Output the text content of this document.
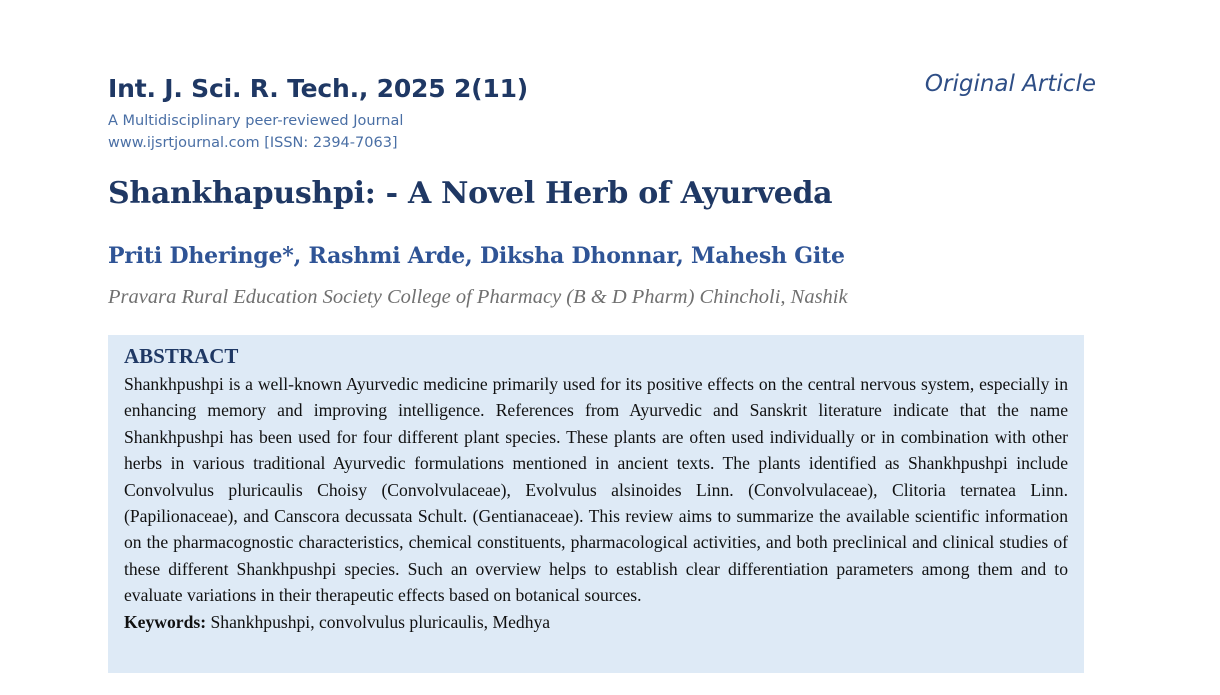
Int. J. Sci. R. Tech., 2025 2(11)
A Multidisciplinary peer-reviewed Journal
www.ijsrtjournal.com [ISSN: 2394-7063]
Original Article
Shankhapushpi: - A Novel Herb of Ayurveda
Priti Dheringe*, Rashmi Arde, Diksha Dhonnar, Mahesh Gite
Pravara Rural Education Society College of Pharmacy (B & D Pharm) Chincholi, Nashik

ABSTRACT

Shankhpushpi is a well-known Ayurvedic medicine primarily used for its positive effects on the central nervous system, especially in enhancing memory and improving intelligence. References from Ayurvedic and Sanskrit literature indicate that the name Shankhpushpi has been used for four different plant species. These plants are often used individually or in combination with other herbs in various traditional Ayurvedic formulations mentioned in ancient texts. The plants identified as Shankhpushpi include Convolvulus pluricaulis Choisy (Convolvulaceae), Evolvulus alsinoides Linn. (Convolvulaceae), Clitoria ternatea Linn. (Papilionaceae), and Canscora decussata Schult. (Gentianaceae). This review aims to summarize the available scientific information on the pharmacognostic characteristics, chemical constituents, pharmacological activities, and both preclinical and clinical studies of these different Shankhpushpi species. Such an overview helps to establish clear differentiation parameters among them and to evaluate variations in their therapeutic effects based on botanical sources.

Keywords: Shankhpushpi, convolvulus pluricaulis, Medhya
